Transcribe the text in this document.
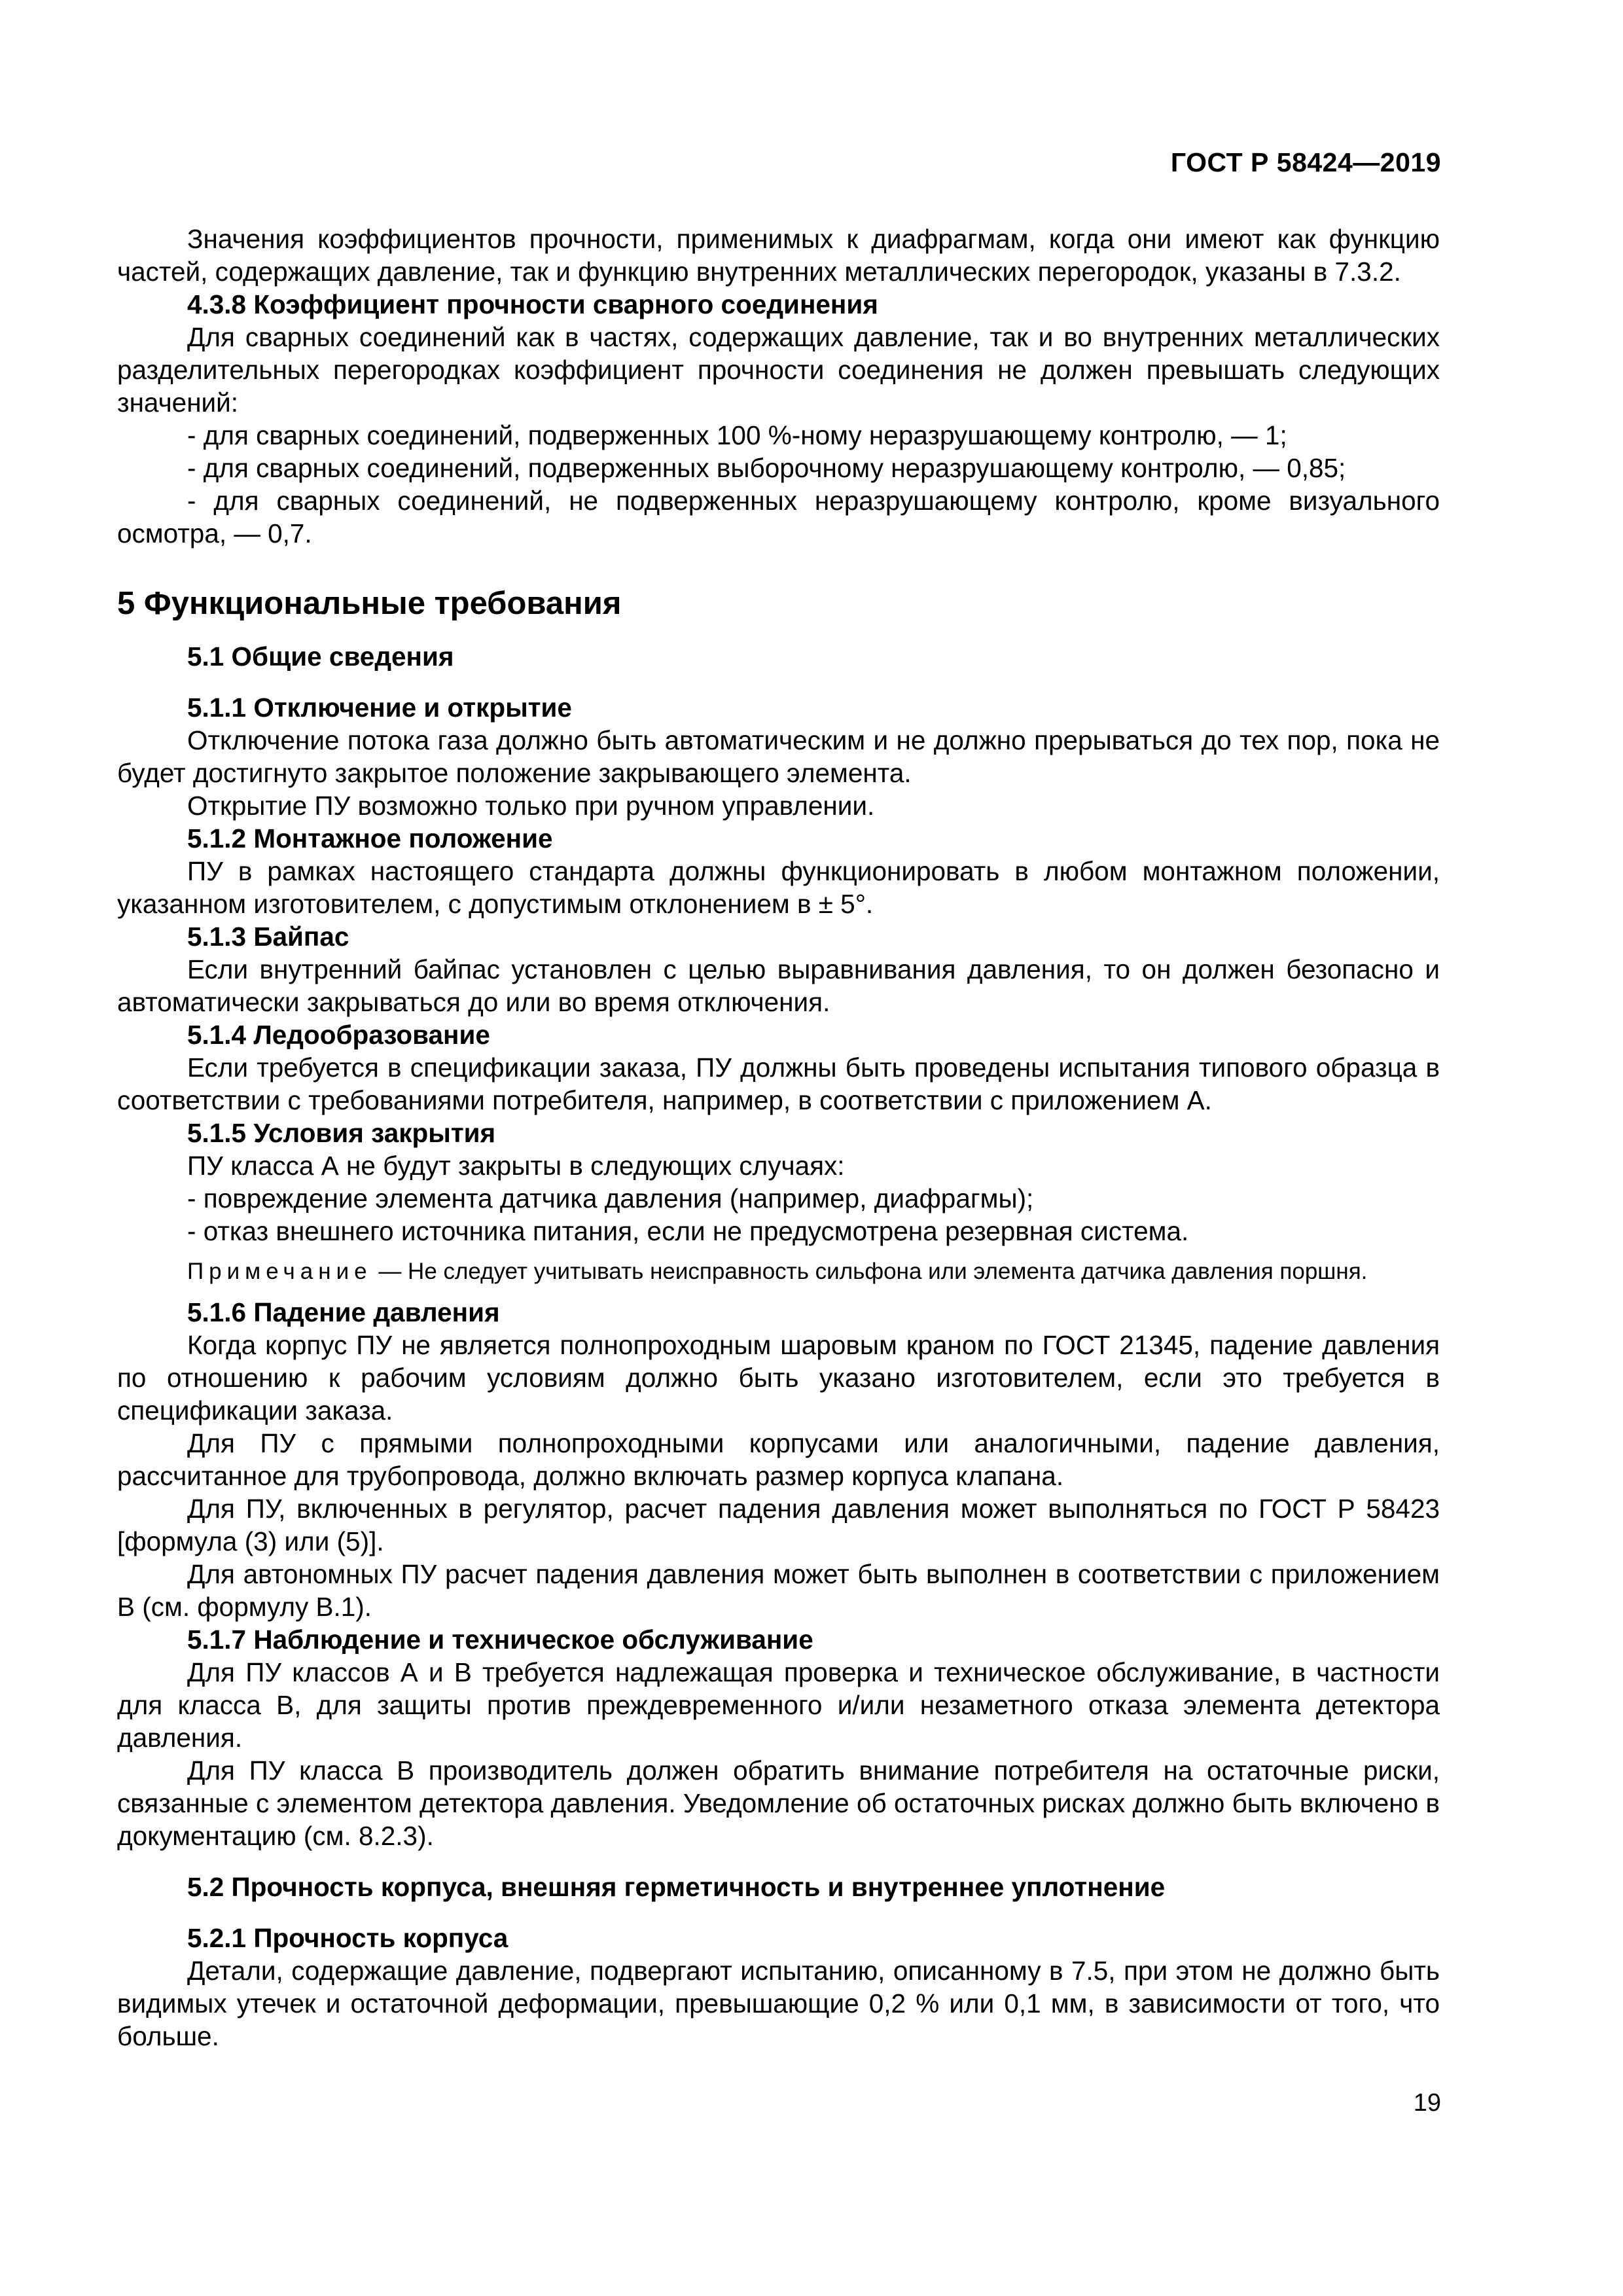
ГОСТ Р 58424—2019

Значения коэффициентов прочности, применимых к диафрагмам, когда они имеют как функцию частей, содержащих давление, так и функцию внутренних металлических перегородок, указаны в 7.3.2.

4.3.8 Коэффициент прочности сварного соединения

Для сварных соединений как в частях, содержащих давление, так и во внутренних металлических разделительных перегородках коэффициент прочности соединения не должен превышать следующих значений:

- для сварных соединений, подверженных 100 %-ному неразрушающему контролю, — 1;

- для сварных соединений, подверженных выборочному неразрушающему контролю, — 0,85;

- для сварных соединений, не подверженных неразрушающему контролю, кроме визуального осмотра, — 0,7.

5 Функциональные требования

5.1 Общие сведения

5.1.1 Отключение и открытие

Отключение потока газа должно быть автоматическим и не должно прерываться до тех пор, пока не будет достигнуто закрытое положение закрывающего элемента.

Открытие ПУ возможно только при ручном управлении.

5.1.2 Монтажное положение

ПУ в рамках настоящего стандарта должны функционировать в любом монтажном положении, указанном изготовителем, с допустимым отклонением в ± 5°.

5.1.3 Байпас

Если внутренний байпас установлен с целью выравнивания давления, то он должен безопасно и автоматически закрываться до или во время отключения.

5.1.4 Ледообразование

Если требуется в спецификации заказа, ПУ должны быть проведены испытания типового образца в соответствии с требованиями потребителя, например, в соответствии с приложением А.

5.1.5 Условия закрытия

ПУ класса А не будут закрыты в следующих случаях:

- повреждение элемента датчика давления (например, диафрагмы);

- отказ внешнего источника питания, если не предусмотрена резервная система.

Примечание — Не следует учитывать неисправность сильфона или элемента датчика давления поршня.

5.1.6 Падение давления

Когда корпус ПУ не является полнопроходным шаровым краном по ГОСТ 21345, падение давления по отношению к рабочим условиям должно быть указано изготовителем, если это требуется в спецификации заказа.

Для ПУ с прямыми полнопроходными корпусами или аналогичными, падение давления, рассчитанное для трубопровода, должно включать размер корпуса клапана.

Для ПУ, включенных в регулятор, расчет падения давления может выполняться по ГОСТ Р 58423 [формула (3) или (5)].

Для автономных ПУ расчет падения давления может быть выполнен в соответствии с приложением В (см. формулу В.1).

5.1.7 Наблюдение и техническое обслуживание

Для ПУ классов А и В требуется надлежащая проверка и техническое обслуживание, в частности для класса В, для защиты против преждевременного и/или незаметного отказа элемента детектора давления.

Для ПУ класса В производитель должен обратить внимание потребителя на остаточные риски, связанные с элементом детектора давления. Уведомление об остаточных рисках должно быть включено в документацию (см. 8.2.3).

5.2 Прочность корпуса, внешняя герметичность и внутреннее уплотнение

5.2.1 Прочность корпуса

Детали, содержащие давление, подвергают испытанию, описанному в 7.5, при этом не должно быть видимых утечек и остаточной деформации, превышающие 0,2 % или 0,1 мм, в зависимости от того, что больше.

19
